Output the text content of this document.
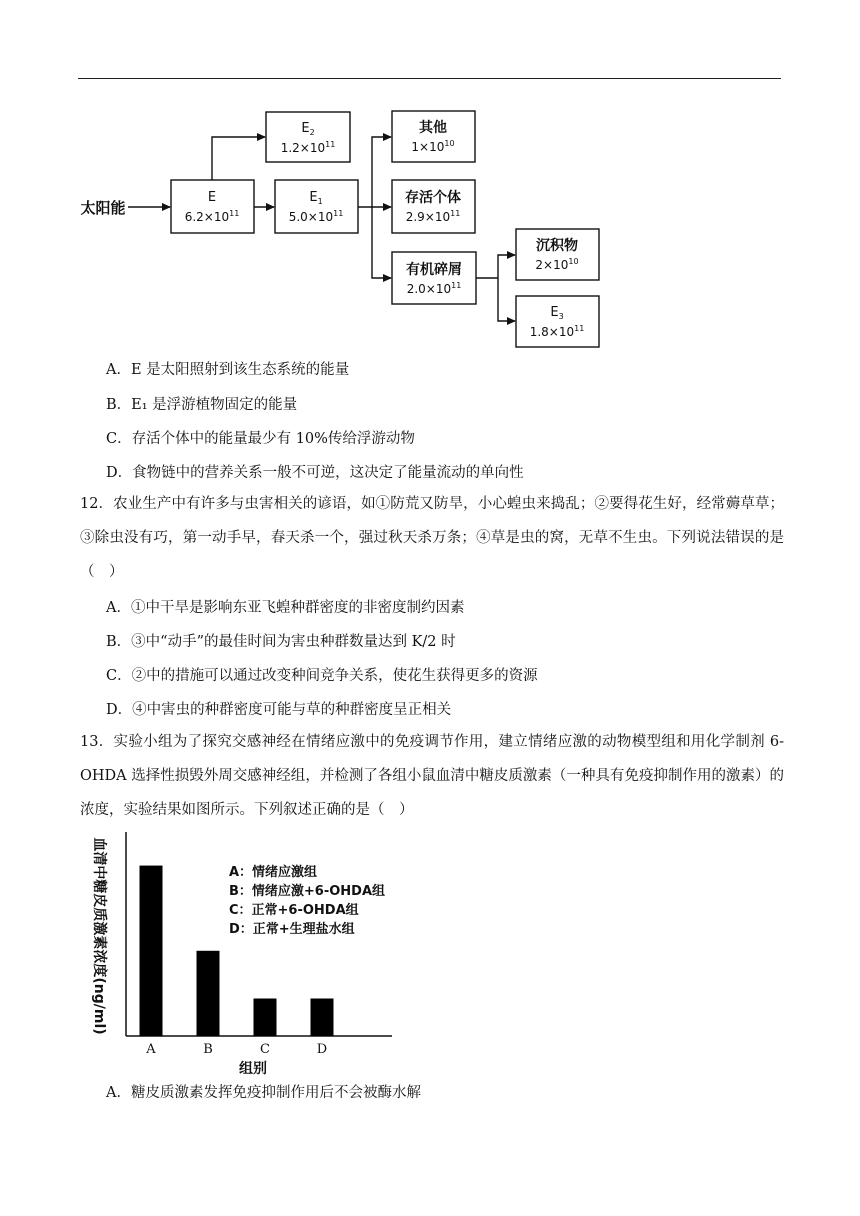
太阳能
E
$6.2\times 10^{11}$
$E_1$
$5.0\times 10^{11}$
$E_2$
$1.2\times 10^{11}$
其他
$1\times 10^{10}$
存活个体
$2.9\times 10^{11}$
有机碎屑
$2.0\times 10^{11}$
沉积物
$2\times 10^{10}$
$E_3$
$1.8\times 10^{11}$
A．E 是太阳照射到该生态系统的能量
B．E₁ 是浮游植物固定的能量
C．存活个体中的能量最少有 10%传给浮游动物
D．食物链中的营养关系一般不可逆，这决定了能量流动的单向性
12．农业生产中有许多与虫害相关的谚语，如①防荒又防旱，小心蝗虫来捣乱；②要得花生好，经常薅草草；③除虫没有巧，第一动手早，春天杀一个，强过秋天杀万条；④草是虫的窝，无草不生虫。下列说法错误的是（　）
A．①中干旱是影响东亚飞蝗种群密度的非密度制约因素
B．③中“动手”的最佳时间为害虫种群数量达到 K/2 时
C．②中的措施可以通过改变种间竞争关系，使花生获得更多的资源
D．④中害虫的种群密度可能与草的种群密度呈正相关
13．实验小组为了探究交感神经在情绪应激中的免疫调节作用，建立情绪应激的动物模型组和用化学制剂 6-OHDA 选择性损毁外周交感神经组，并检测了各组小鼠血清中糖皮质激素（一种具有免疫抑制作用的激素）的浓度，实验结果如图所示。下列叙述正确的是（　）
血清中糖皮质激素浓度(ng/ml)
组别
A：情绪应激组
B：情绪应激+6-OHDA组
C：正常+6-OHDA组
D：正常+生理盐水组
A	B	C	D
A．糖皮质激素发挥免疫抑制作用后不会被酶水解
